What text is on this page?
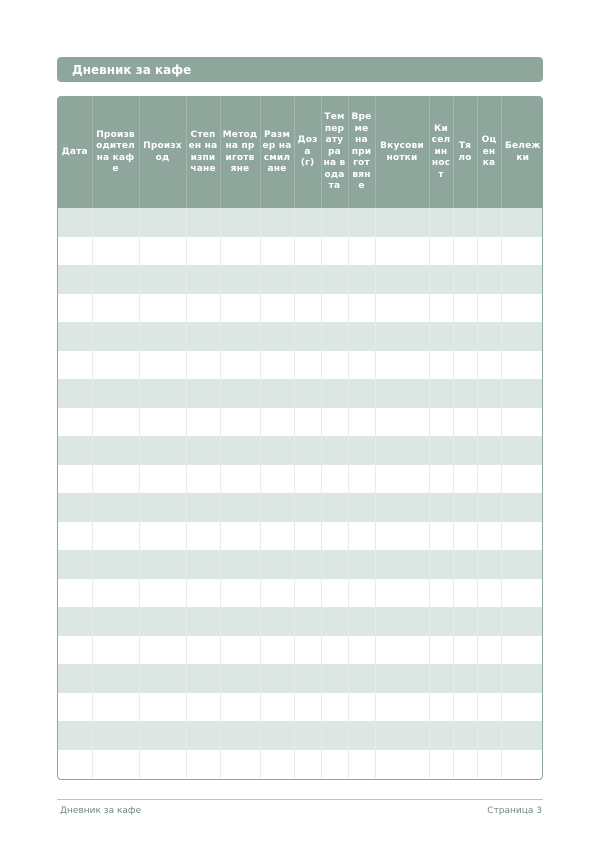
Дневник за кафе
Дата	Производител на кафе	Произход	Степен на изпичане	Метод на приготвяне	Размер на смилане	Доза (г)	Температура на водата	Време на приготвяне	Вкусови нотки	Киселинност	Тяло	Оценка	Бележки

Дневник за кафе	Страница 3
